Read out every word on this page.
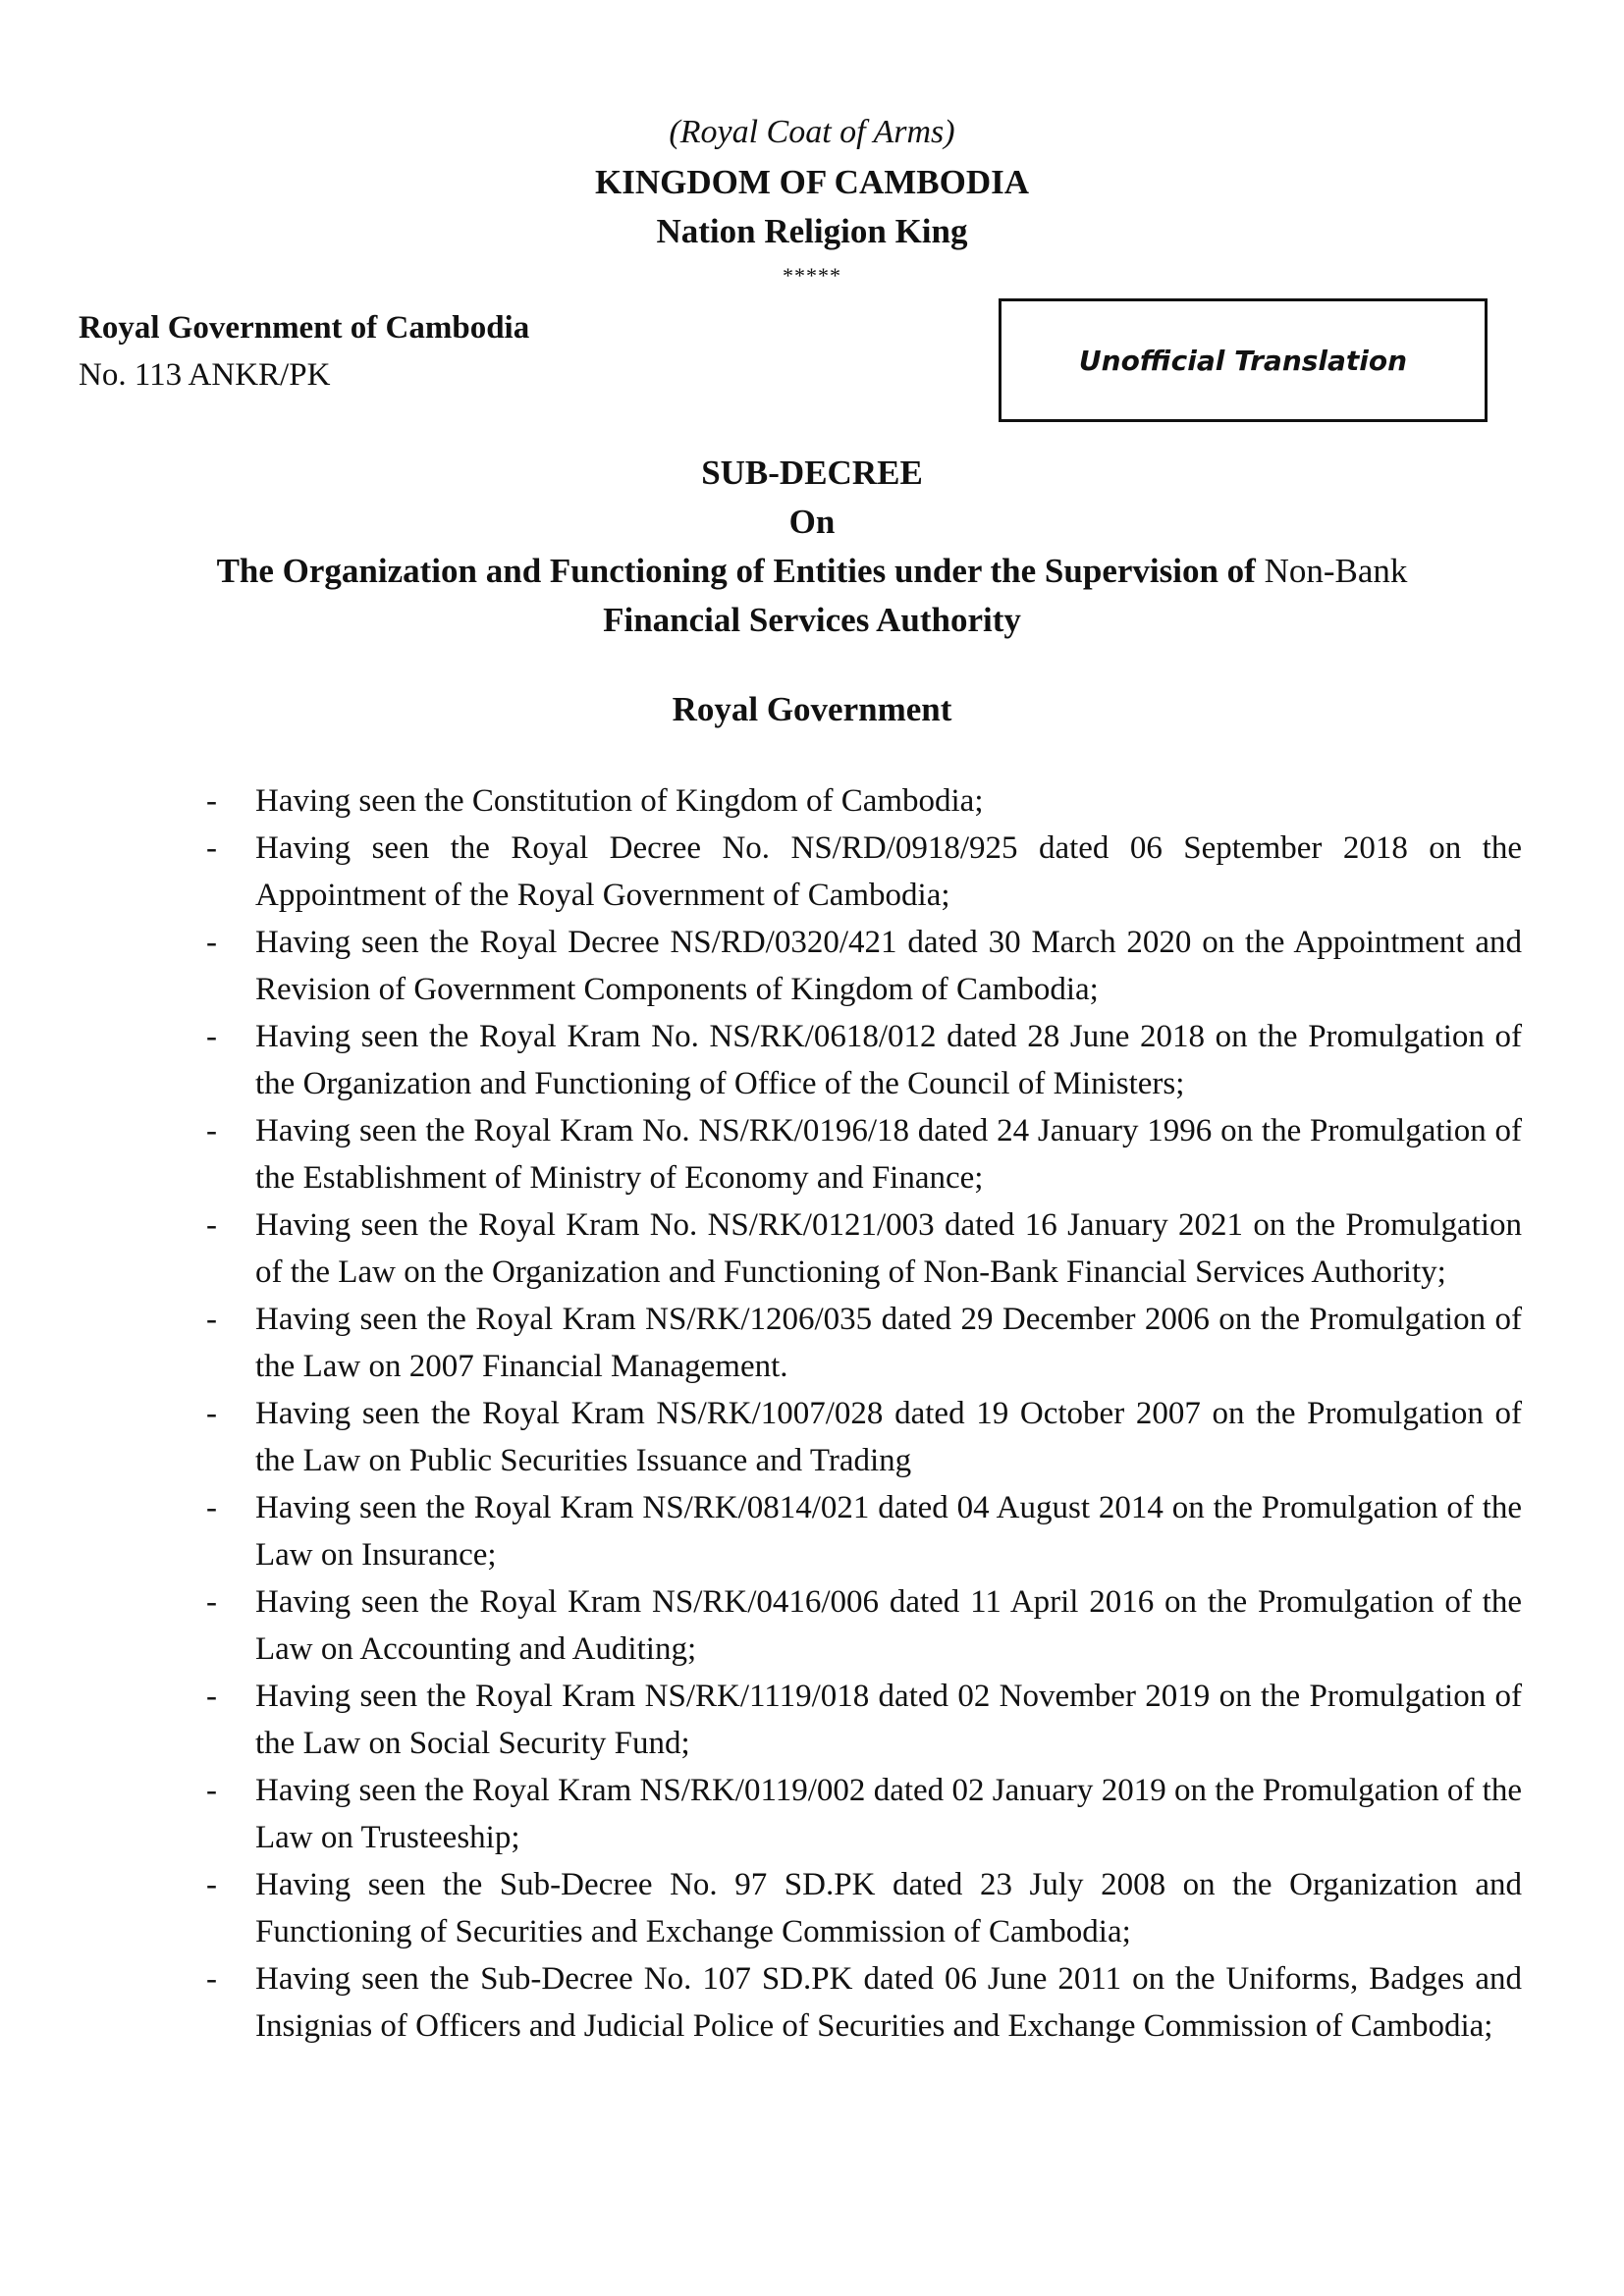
(Royal Coat of Arms)
KINGDOM OF CAMBODIA
Nation Religion King
*****
Royal Government of Cambodia
No. 113 ANKR/PK	Unofficial Translation
SUB-DECREE
On
The Organization and Functioning of Entities under the Supervision of Non-Bank
Financial Services Authority
Royal Government
- Having seen the Constitution of Kingdom of Cambodia;
- Having seen the Royal Decree No. NS/RD/0918/925 dated 06 September 2018 on the Appointment of the Royal Government of Cambodia;
- Having seen the Royal Decree NS/RD/0320/421 dated 30 March 2020 on the Appointment and Revision of Government Components of Kingdom of Cambodia;
- Having seen the Royal Kram No. NS/RK/0618/012 dated 28 June 2018 on the Promulgation of the Organization and Functioning of Office of the Council of Ministers;
- Having seen the Royal Kram No. NS/RK/0196/18 dated 24 January 1996 on the Promulgation of the Establishment of Ministry of Economy and Finance;
- Having seen the Royal Kram No. NS/RK/0121/003 dated 16 January 2021 on the Promulgation of the Law on the Organization and Functioning of Non-Bank Financial Services Authority;
- Having seen the Royal Kram NS/RK/1206/035 dated 29 December 2006 on the Promulgation of the Law on 2007 Financial Management.
- Having seen the Royal Kram NS/RK/1007/028 dated 19 October 2007 on the Promulgation of the Law on Public Securities Issuance and Trading
- Having seen the Royal Kram NS/RK/0814/021 dated 04 August 2014 on the Promulgation of the Law on Insurance;
- Having seen the Royal Kram NS/RK/0416/006 dated 11 April 2016 on the Promulgation of the Law on Accounting and Auditing;
- Having seen the Royal Kram NS/RK/1119/018 dated 02 November 2019 on the Promulgation of the Law on Social Security Fund;
- Having seen the Royal Kram NS/RK/0119/002 dated 02 January 2019 on the Promulgation of the Law on Trusteeship;
- Having seen the Sub-Decree No. 97 SD.PK dated 23 July 2008 on the Organization and Functioning of Securities and Exchange Commission of Cambodia;
- Having seen the Sub-Decree No. 107 SD.PK dated 06 June 2011 on the Uniforms, Badges and Insignias of Officers and Judicial Police of Securities and Exchange Commission of Cambodia;
